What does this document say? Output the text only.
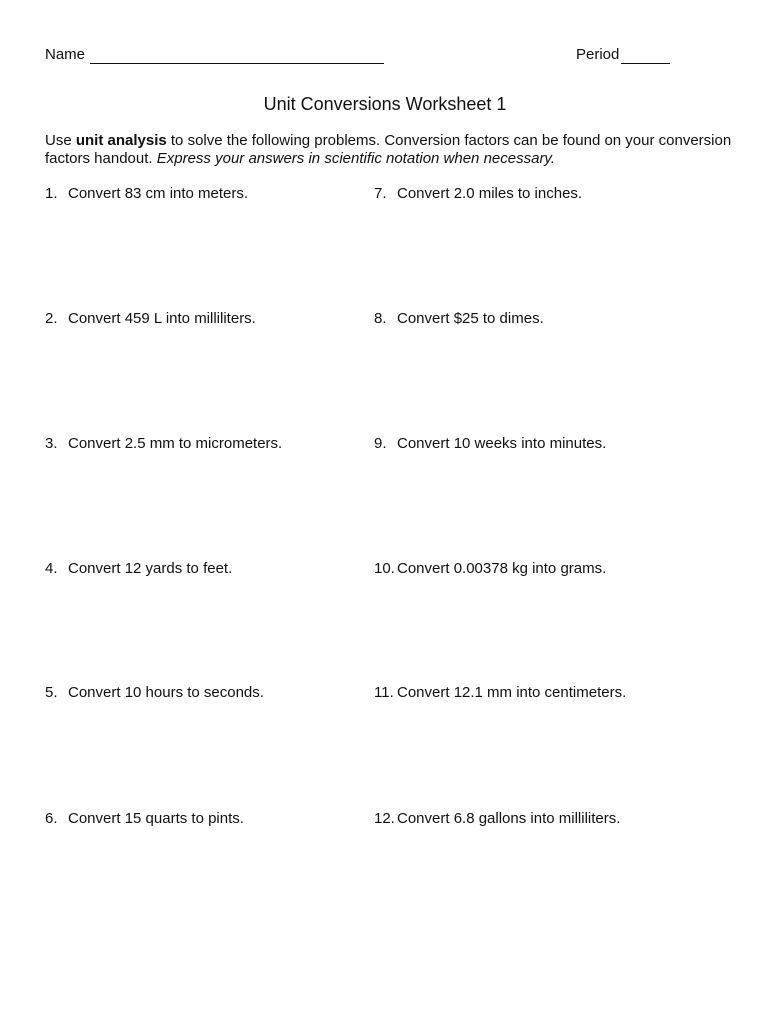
Name	Period
Unit Conversions Worksheet 1
Use unit analysis to solve the following problems. Conversion factors can be found on your conversion factors handout. Express your answers in scientific notation when necessary.
1. Convert 83 cm into meters.
2. Convert 459 L into milliliters.
3. Convert 2.5 mm to micrometers.
4. Convert 12 yards to feet.
5. Convert 10 hours to seconds.
6. Convert 15 quarts to pints.
7. Convert 2.0 miles to inches.
8. Convert $25 to dimes.
9. Convert 10 weeks into minutes.
10. Convert 0.00378 kg into grams.
11. Convert 12.1 mm into centimeters.
12. Convert 6.8 gallons into milliliters.
